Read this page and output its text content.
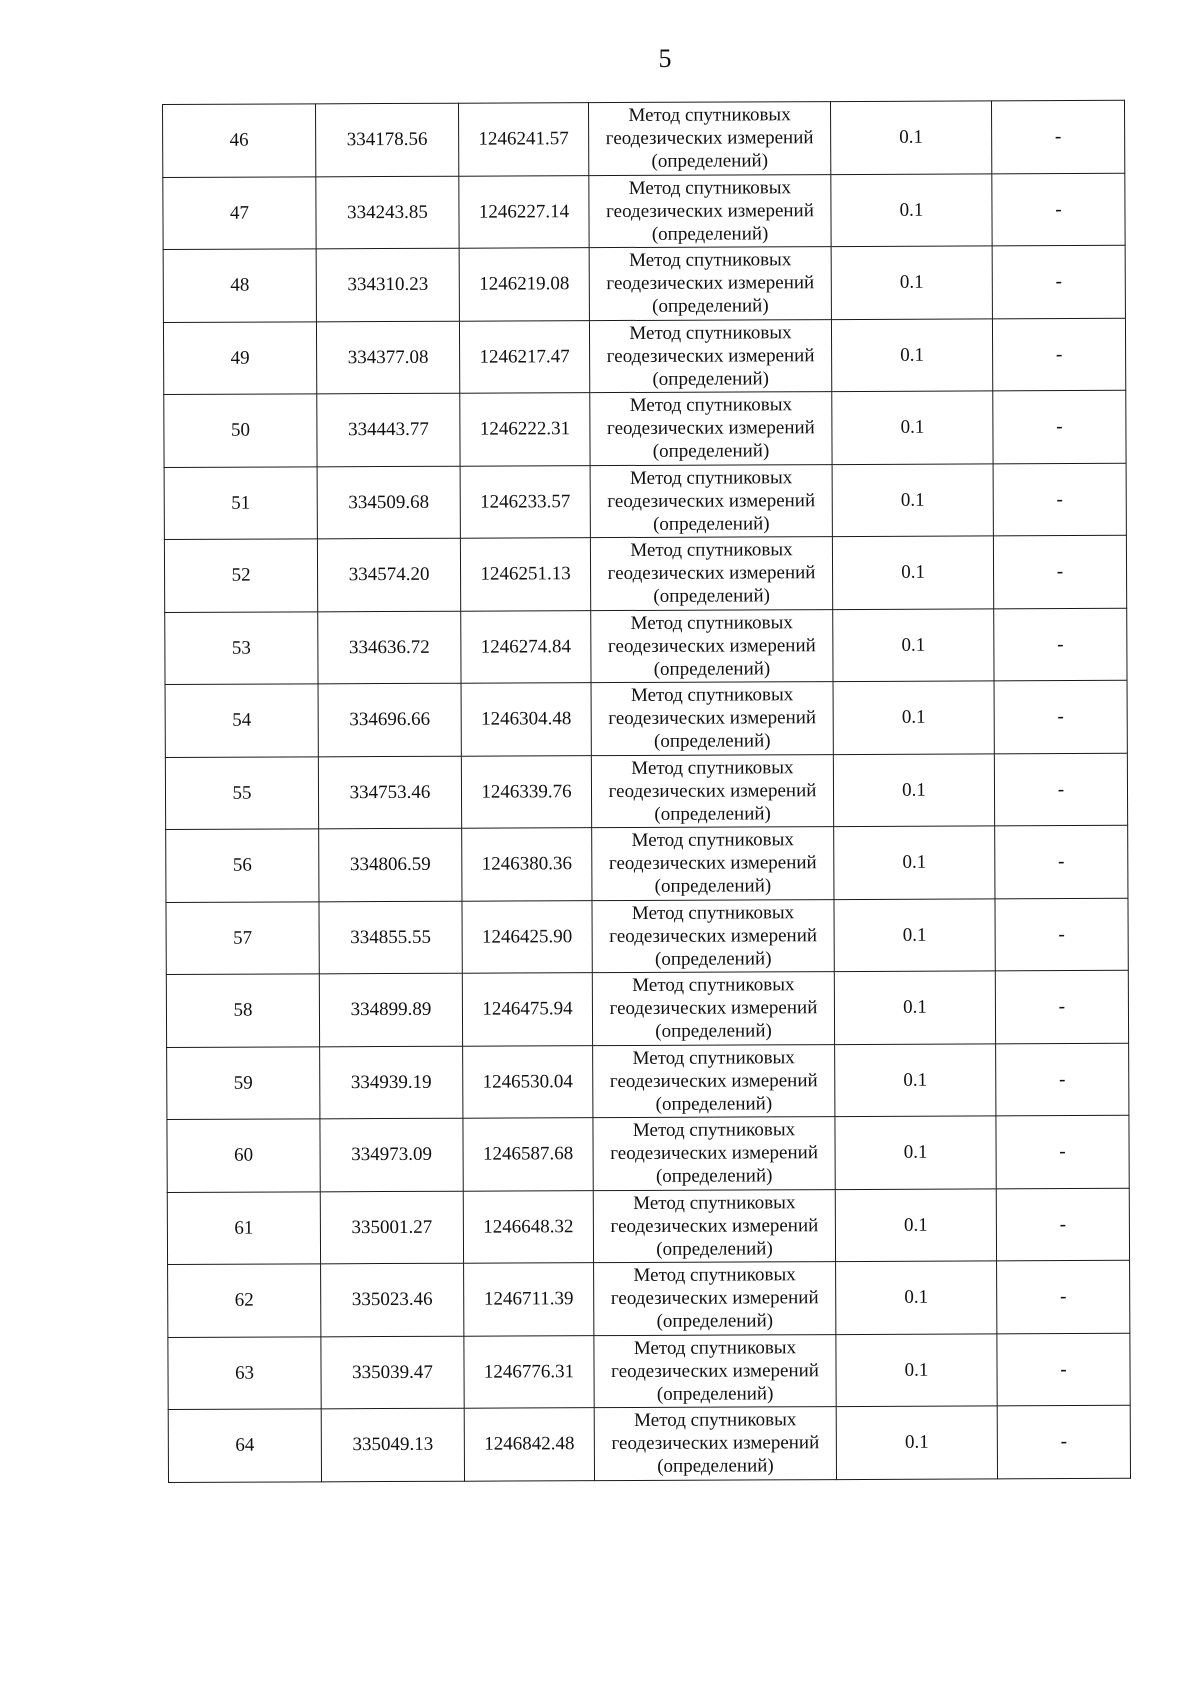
5
46	334178.56	1246241.57	Метод спутниковых
геодезических измерений
(определений)	0.1	-
47	334243.85	1246227.14	Метод спутниковых
геодезических измерений
(определений)	0.1	-
48	334310.23	1246219.08	Метод спутниковых
геодезических измерений
(определений)	0.1	-
49	334377.08	1246217.47	Метод спутниковых
геодезических измерений
(определений)	0.1	-
50	334443.77	1246222.31	Метод спутниковых
геодезических измерений
(определений)	0.1	-
51	334509.68	1246233.57	Метод спутниковых
геодезических измерений
(определений)	0.1	-
52	334574.20	1246251.13	Метод спутниковых
геодезических измерений
(определений)	0.1	-
53	334636.72	1246274.84	Метод спутниковых
геодезических измерений
(определений)	0.1	-
54	334696.66	1246304.48	Метод спутниковых
геодезических измерений
(определений)	0.1	-
55	334753.46	1246339.76	Метод спутниковых
геодезических измерений
(определений)	0.1	-
56	334806.59	1246380.36	Метод спутниковых
геодезических измерений
(определений)	0.1	-
57	334855.55	1246425.90	Метод спутниковых
геодезических измерений
(определений)	0.1	-
58	334899.89	1246475.94	Метод спутниковых
геодезических измерений
(определений)	0.1	-
59	334939.19	1246530.04	Метод спутниковых
геодезических измерений
(определений)	0.1	-
60	334973.09	1246587.68	Метод спутниковых
геодезических измерений
(определений)	0.1	-
61	335001.27	1246648.32	Метод спутниковых
геодезических измерений
(определений)	0.1	-
62	335023.46	1246711.39	Метод спутниковых
геодезических измерений
(определений)	0.1	-
63	335039.47	1246776.31	Метод спутниковых
геодезических измерений
(определений)	0.1	-
64	335049.13	1246842.48	Метод спутниковых
геодезических измерений
(определений)	0.1	-
